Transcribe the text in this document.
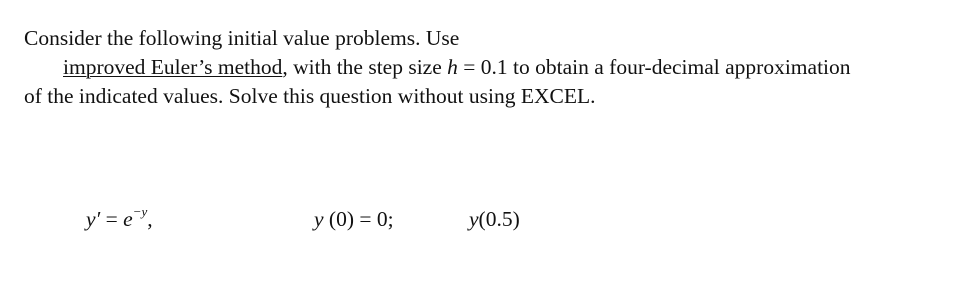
Consider the following initial value problems. Use
improved Euler’s method, with the step size h = 0.1 to obtain a four-decimal approximation
of the indicated values. Solve this question without using EXCEL.
$y' = e^{-y}$,	y (0) = 0;	y(0.5)
